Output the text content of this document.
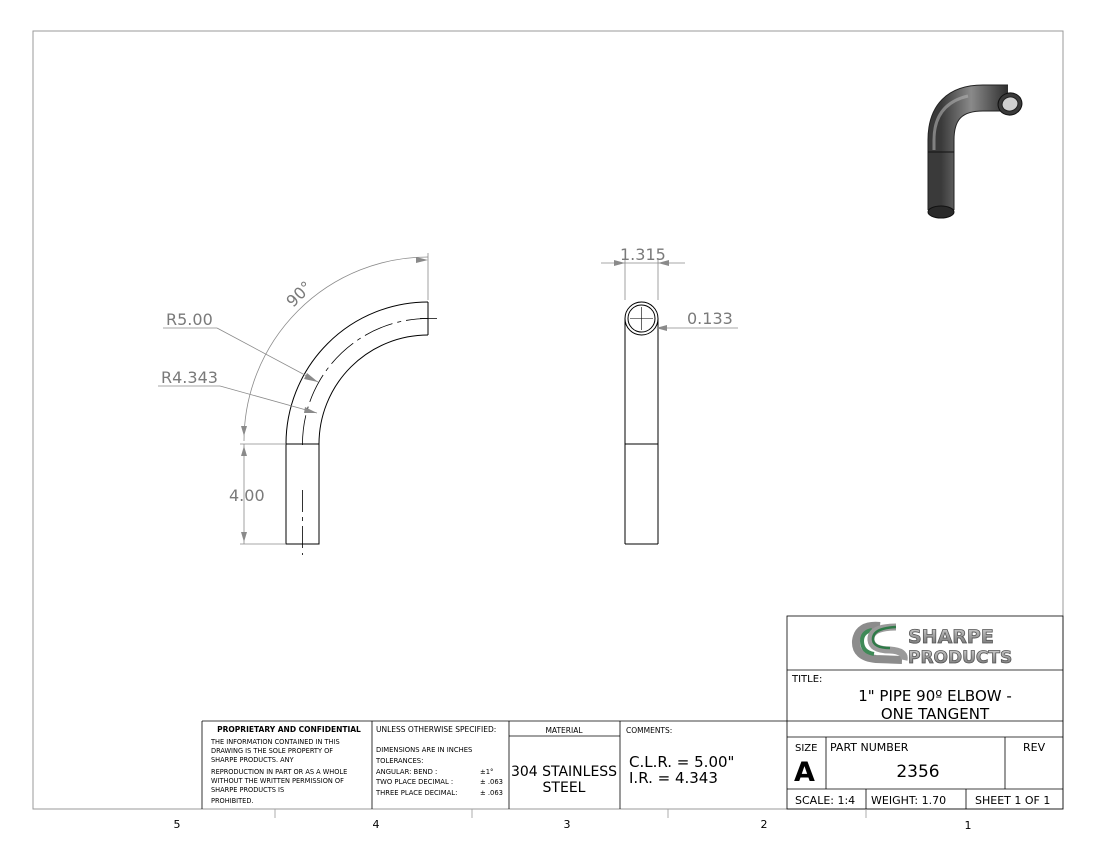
R5.00
R4.343
4.00
90°
1.315
0.133
PROPRIETARY AND CONFIDENTIAL
THE INFORMATION CONTAINED IN THIS
DRAWING IS THE SOLE PROPERTY OF
SHARPE PRODUCTS. ANY
REPRODUCTION IN PART OR AS A WHOLE
WITHOUT THE WRITTEN PERMISSION OF
SHARPE PRODUCTS IS
PROHIBITED.
UNLESS OTHERWISE SPECIFIED:
DIMENSIONS ARE IN INCHES
TOLERANCES:
ANGULAR: BEND :	±1°
TWO PLACE DECIMAL :	± .063
THREE PLACE DECIMAL:	± .063
MATERIAL
304 STAINLESS
STEEL
COMMENTS:
C.L.R. = 5.00"
I.R. = 4.343
SHARPE
PRODUCTS
TITLE:
1" PIPE 90º ELBOW -
ONE TANGENT
SIZE
A
PART NUMBER
2356
REV
SCALE: 1:4 WEIGHT: 1.70	SHEET 1 OF 1
5	4	3	2	1
